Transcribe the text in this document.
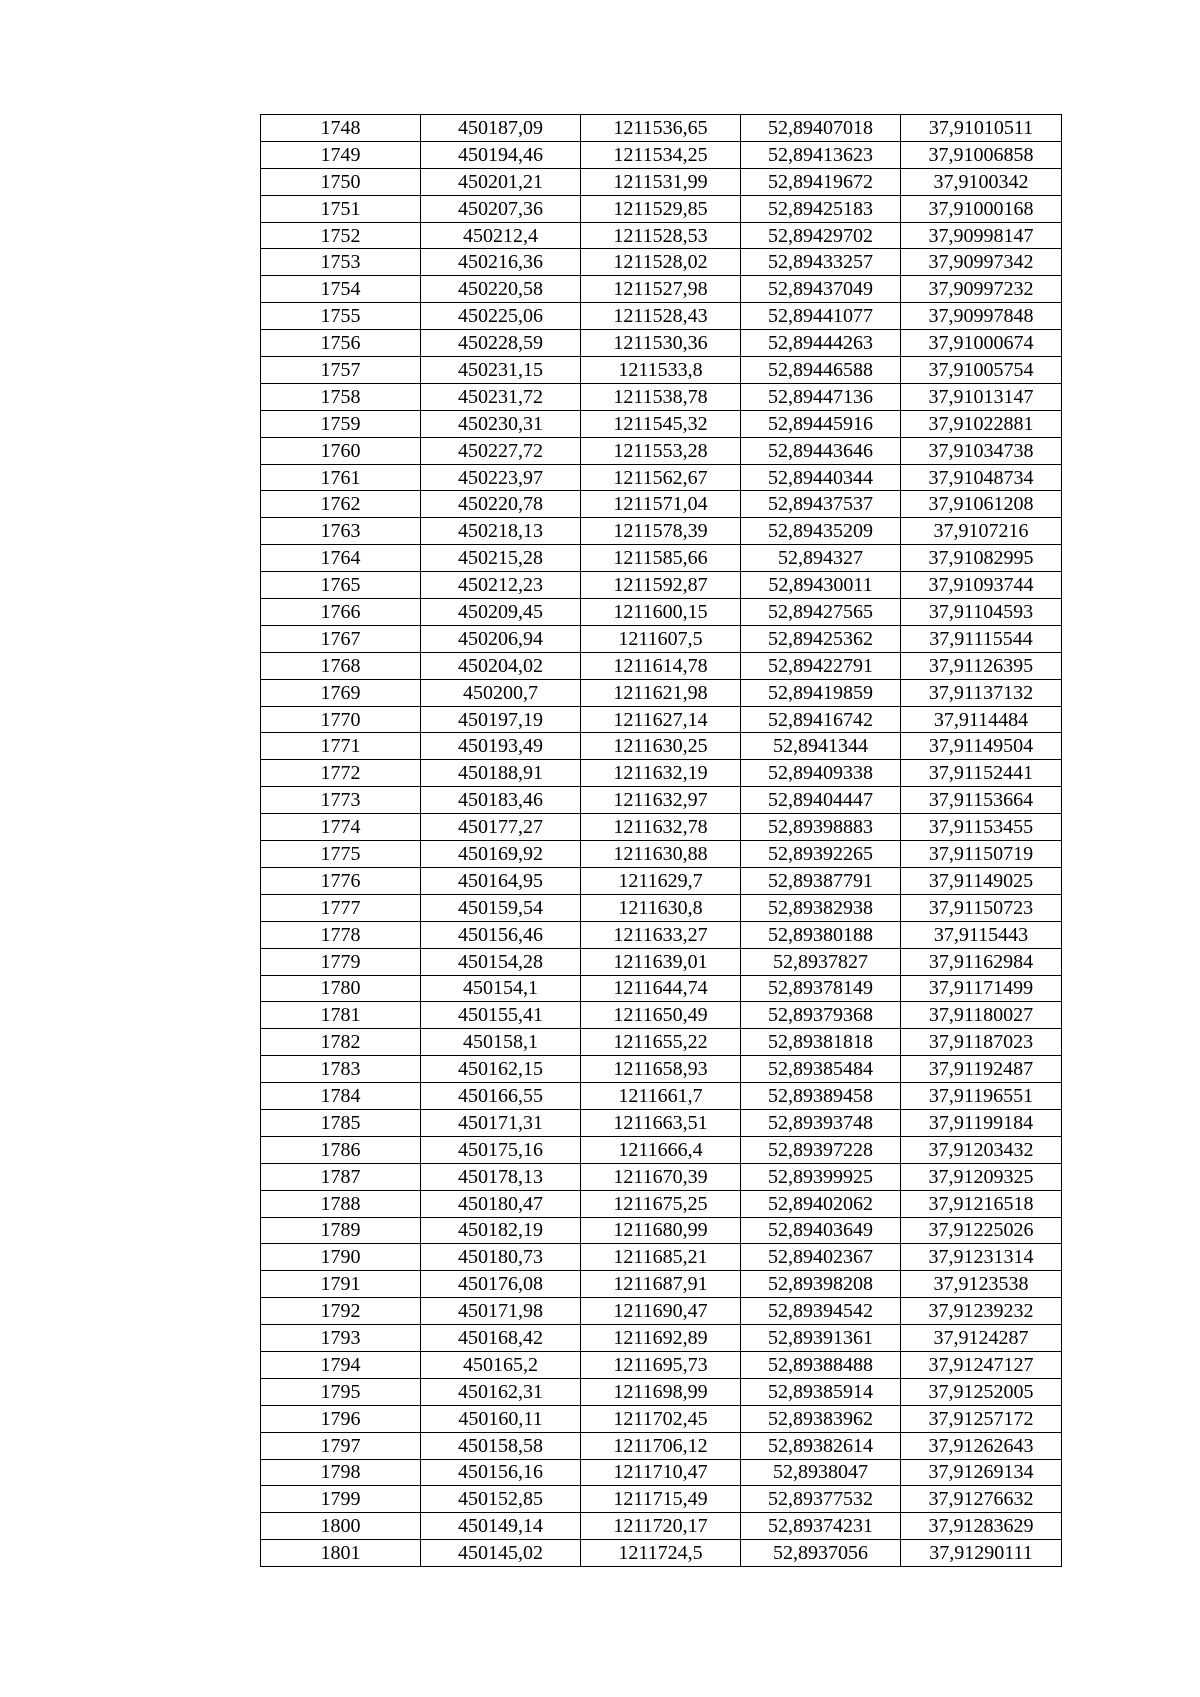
1748	450187,09	1211536,65	52,89407018	37,91010511
1749	450194,46	1211534,25	52,89413623	37,91006858
1750	450201,21	1211531,99	52,89419672	37,9100342
1751	450207,36	1211529,85	52,89425183	37,91000168
1752	450212,4	1211528,53	52,89429702	37,90998147
1753	450216,36	1211528,02	52,89433257	37,90997342
1754	450220,58	1211527,98	52,89437049	37,90997232
1755	450225,06	1211528,43	52,89441077	37,90997848
1756	450228,59	1211530,36	52,89444263	37,91000674
1757	450231,15	1211533,8	52,89446588	37,91005754
1758	450231,72	1211538,78	52,89447136	37,91013147
1759	450230,31	1211545,32	52,89445916	37,91022881
1760	450227,72	1211553,28	52,89443646	37,91034738
1761	450223,97	1211562,67	52,89440344	37,91048734
1762	450220,78	1211571,04	52,89437537	37,91061208
1763	450218,13	1211578,39	52,89435209	37,9107216
1764	450215,28	1211585,66	52,894327	37,91082995
1765	450212,23	1211592,87	52,89430011	37,91093744
1766	450209,45	1211600,15	52,89427565	37,91104593
1767	450206,94	1211607,5	52,89425362	37,91115544
1768	450204,02	1211614,78	52,89422791	37,91126395
1769	450200,7	1211621,98	52,89419859	37,91137132
1770	450197,19	1211627,14	52,89416742	37,9114484
1771	450193,49	1211630,25	52,8941344	37,91149504
1772	450188,91	1211632,19	52,89409338	37,91152441
1773	450183,46	1211632,97	52,89404447	37,91153664
1774	450177,27	1211632,78	52,89398883	37,91153455
1775	450169,92	1211630,88	52,89392265	37,91150719
1776	450164,95	1211629,7	52,89387791	37,91149025
1777	450159,54	1211630,8	52,89382938	37,91150723
1778	450156,46	1211633,27	52,89380188	37,9115443
1779	450154,28	1211639,01	52,8937827	37,91162984
1780	450154,1	1211644,74	52,89378149	37,91171499
1781	450155,41	1211650,49	52,89379368	37,91180027
1782	450158,1	1211655,22	52,89381818	37,91187023
1783	450162,15	1211658,93	52,89385484	37,91192487
1784	450166,55	1211661,7	52,89389458	37,91196551
1785	450171,31	1211663,51	52,89393748	37,91199184
1786	450175,16	1211666,4	52,89397228	37,91203432
1787	450178,13	1211670,39	52,89399925	37,91209325
1788	450180,47	1211675,25	52,89402062	37,91216518
1789	450182,19	1211680,99	52,89403649	37,91225026
1790	450180,73	1211685,21	52,89402367	37,91231314
1791	450176,08	1211687,91	52,89398208	37,9123538
1792	450171,98	1211690,47	52,89394542	37,91239232
1793	450168,42	1211692,89	52,89391361	37,9124287
1794	450165,2	1211695,73	52,89388488	37,91247127
1795	450162,31	1211698,99	52,89385914	37,91252005
1796	450160,11	1211702,45	52,89383962	37,91257172
1797	450158,58	1211706,12	52,89382614	37,91262643
1798	450156,16	1211710,47	52,8938047	37,91269134
1799	450152,85	1211715,49	52,89377532	37,91276632
1800	450149,14	1211720,17	52,89374231	37,91283629
1801	450145,02	1211724,5	52,8937056	37,91290111
